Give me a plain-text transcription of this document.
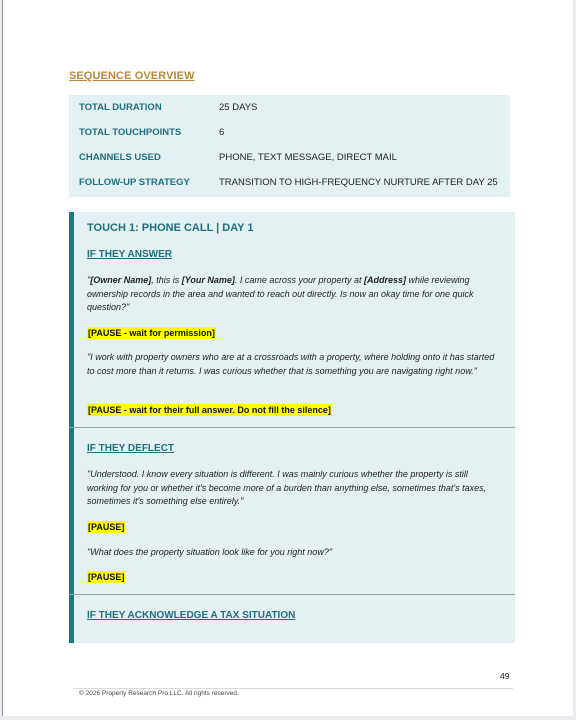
SEQUENCE OVERVIEW
TOTAL DURATION	25 DAYS
TOTAL TOUCHPOINTS	6
CHANNELS USED	PHONE, TEXT MESSAGE, DIRECT MAIL
FOLLOW-UP STRATEGY	TRANSITION TO HIGH-FREQUENCY NURTURE AFTER DAY 25
TOUCH 1: PHONE CALL | DAY 1
IF THEY ANSWER
"[Owner Name], this is [Your Name]. I came across your property at [Address] while reviewing ownership records in the area and wanted to reach out directly. Is now an okay time for one quick question?"
[PAUSE - wait for permission]
"I work with property owners who are at a crossroads with a property, where holding onto it has started to cost more than it returns. I was curious whether that is something you are navigating right now."
[PAUSE - wait for their full answer. Do not fill the silence]
IF THEY DEFLECT
"Understood. I know every situation is different. I was mainly curious whether the property is still working for you or whether it's become more of a burden than anything else, sometimes that's taxes, sometimes it's something else entirely."
[PAUSE]
"What does the property situation look like for you right now?"
[PAUSE]
IF THEY ACKNOWLEDGE A TAX SITUATION
49
© 2026 Property Research Pro LLC. All rights reserved.
